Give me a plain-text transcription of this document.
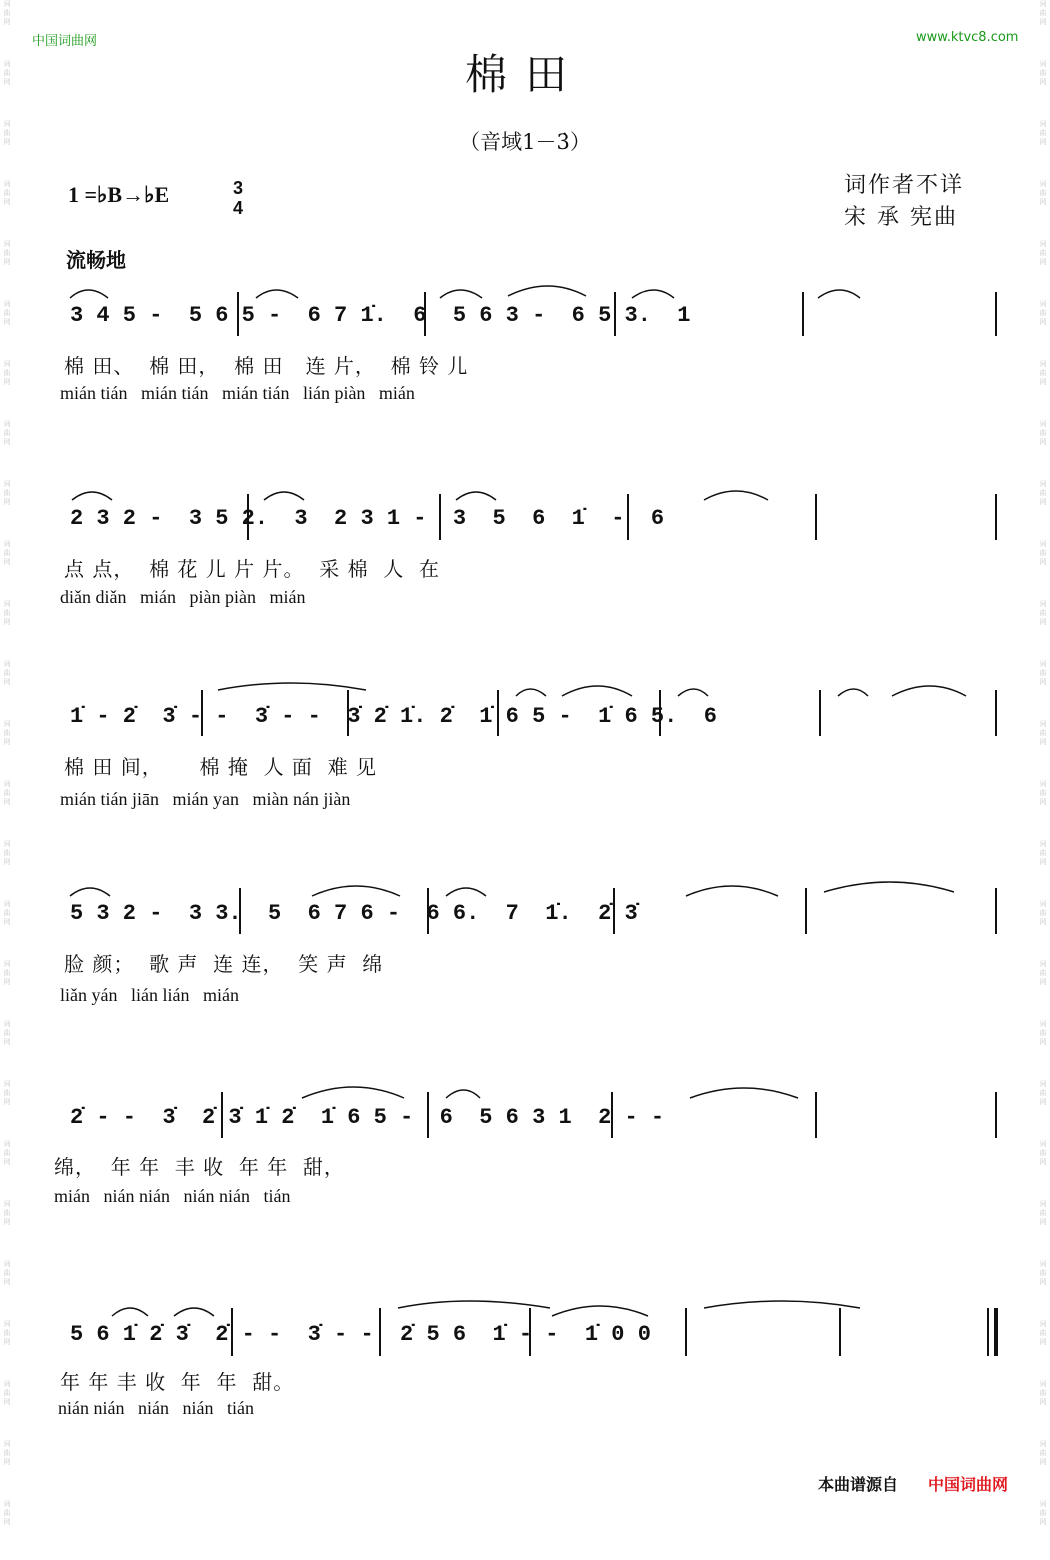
词
曲
网
词
曲
网
词
曲
网
词
曲
网
词
曲
网
词
曲
网
词
曲
网
词
曲
网
词
曲
网
词
曲
网
词
曲
网
词
曲
网
词
曲
网
词
曲
网
词
曲
网
词
曲
网
词
曲
网
词
曲
网
词
曲
网
词
曲
网
词
曲
网
词
曲
网
词
曲
网
词
曲
网
词
曲
网
词
曲
网
词
曲
网
词
曲
网
词
曲
网
词
曲
网
词
曲
网
词
曲
网
词
曲
网
词
曲
网
词
曲
网
词
曲
网
词
曲
网
词
曲
网
词
曲
网
词
曲
网
词
曲
网
词
曲
网
词
曲
网
词
曲
网
词
曲
网
词
曲
网
词
曲
网
词
曲
网
词
曲
网
词
曲
网
词
曲
网
词
曲
网
中国词曲网	www.ktvc8.com
棉田
（音域1－3̇）
1 =♭B→♭E	3
4
词作者不详
宋 承 宪曲
流畅地
3 4 5 -  5 6 5 -  6 7 1̇.  6  5 6 3 -  6 5 3.  1
棉 田、  棉 田，  棉 田   连 片，  棉 铃 儿
mián tián   mián tián   mián tián   lián piàn   mián
2 3 2 -  3 5 2.  3  2 3 1 -  3  5  6  1̇  -  6
点 点，  棉 花 儿 片 片。  采 棉  人  在
diǎn diǎn   mián   piàn piàn   mián
1̇ - 2̇  3̇ - -  3̇ - -  3̇ 2̇ 1̇. 2̇  1̇ 6 5 -  1̇ 6 5.  6
棉 田 间，     棉 掩  人 面  难 见
mián tián jiān   mián yan   miàn nán jiàn
5 3 2 -  3 3.  5  6 7 6 -  6 6.  7  1̇.  2̇ 3̇
脸 颜；  歌 声  连 连，  笑 声  绵
liǎn yán   lián lián   mián
2̇ - -  3̇  2̇ 3̇ 1̇ 2̇  1̇ 6 5 -  6  5 6 3 1  2 - -
绵，  年 年  丰 收  年 年  甜，
mián   nián nián   nián nián   tián
5 6 1̇ 2̇ 3̇  2̇ - -  3̇ - -  2̇ 5 6  1̇ - -  1̇ 0 0
年 年 丰 收  年  年  甜。
nián nián   nián   nián   tián
本曲谱源自 中国词曲网
